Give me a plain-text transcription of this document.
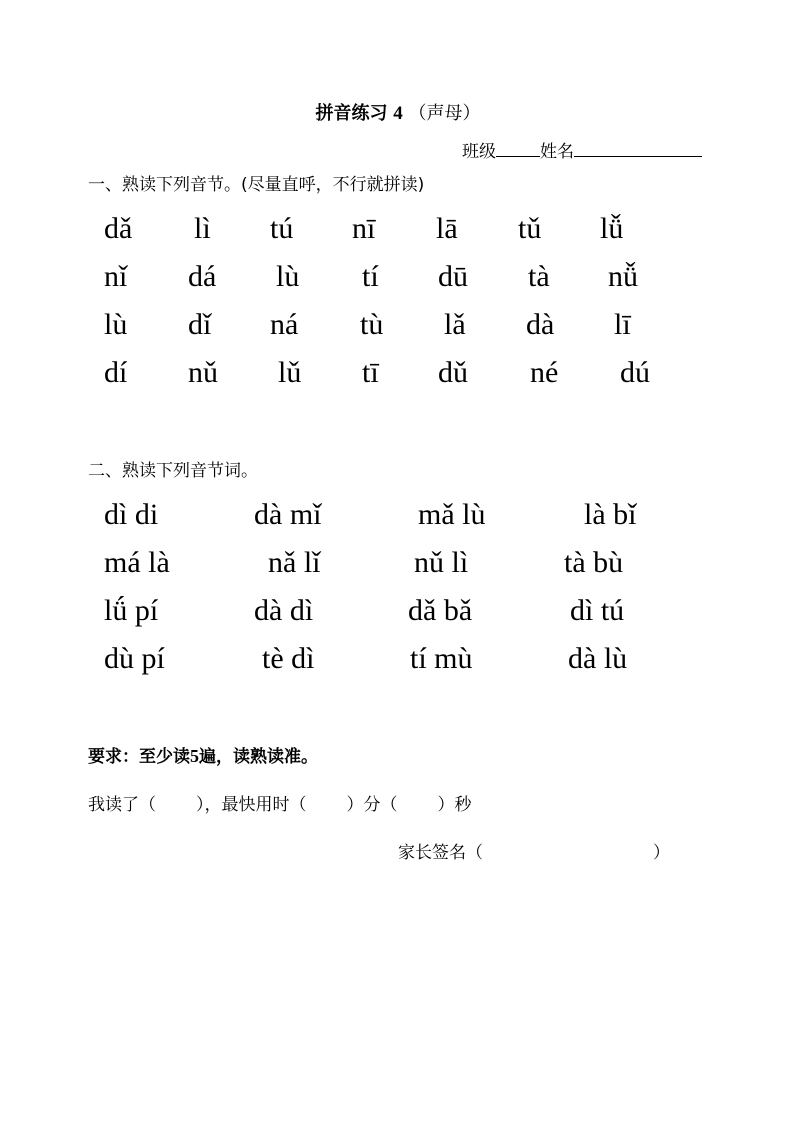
拼音练习 4 （声母）
班级	姓名
一、熟读下列音节。(尽量直呼，不行就拼读)
dǎ lì tú nī lā tǔ lǚ
nǐ dá lù tí dū tà nǚ
lù dǐ ná tù lǎ dà lī
dí nǔ lǔ tī dǔ né dú
二、熟读下列音节词。
dì di	dà mǐ	mǎ lù	là bǐ
má là	nǎ lǐ	nǔ lì	tà bù
lǘ pí	dà dì	dǎ bǎ	dì tú
dù pí	tè dì	tí mù	dà lù
要求：至少读5遍，读熟读准。
我读了（ ），最快用时（ ）分（ ）秒
家长签名（	）
